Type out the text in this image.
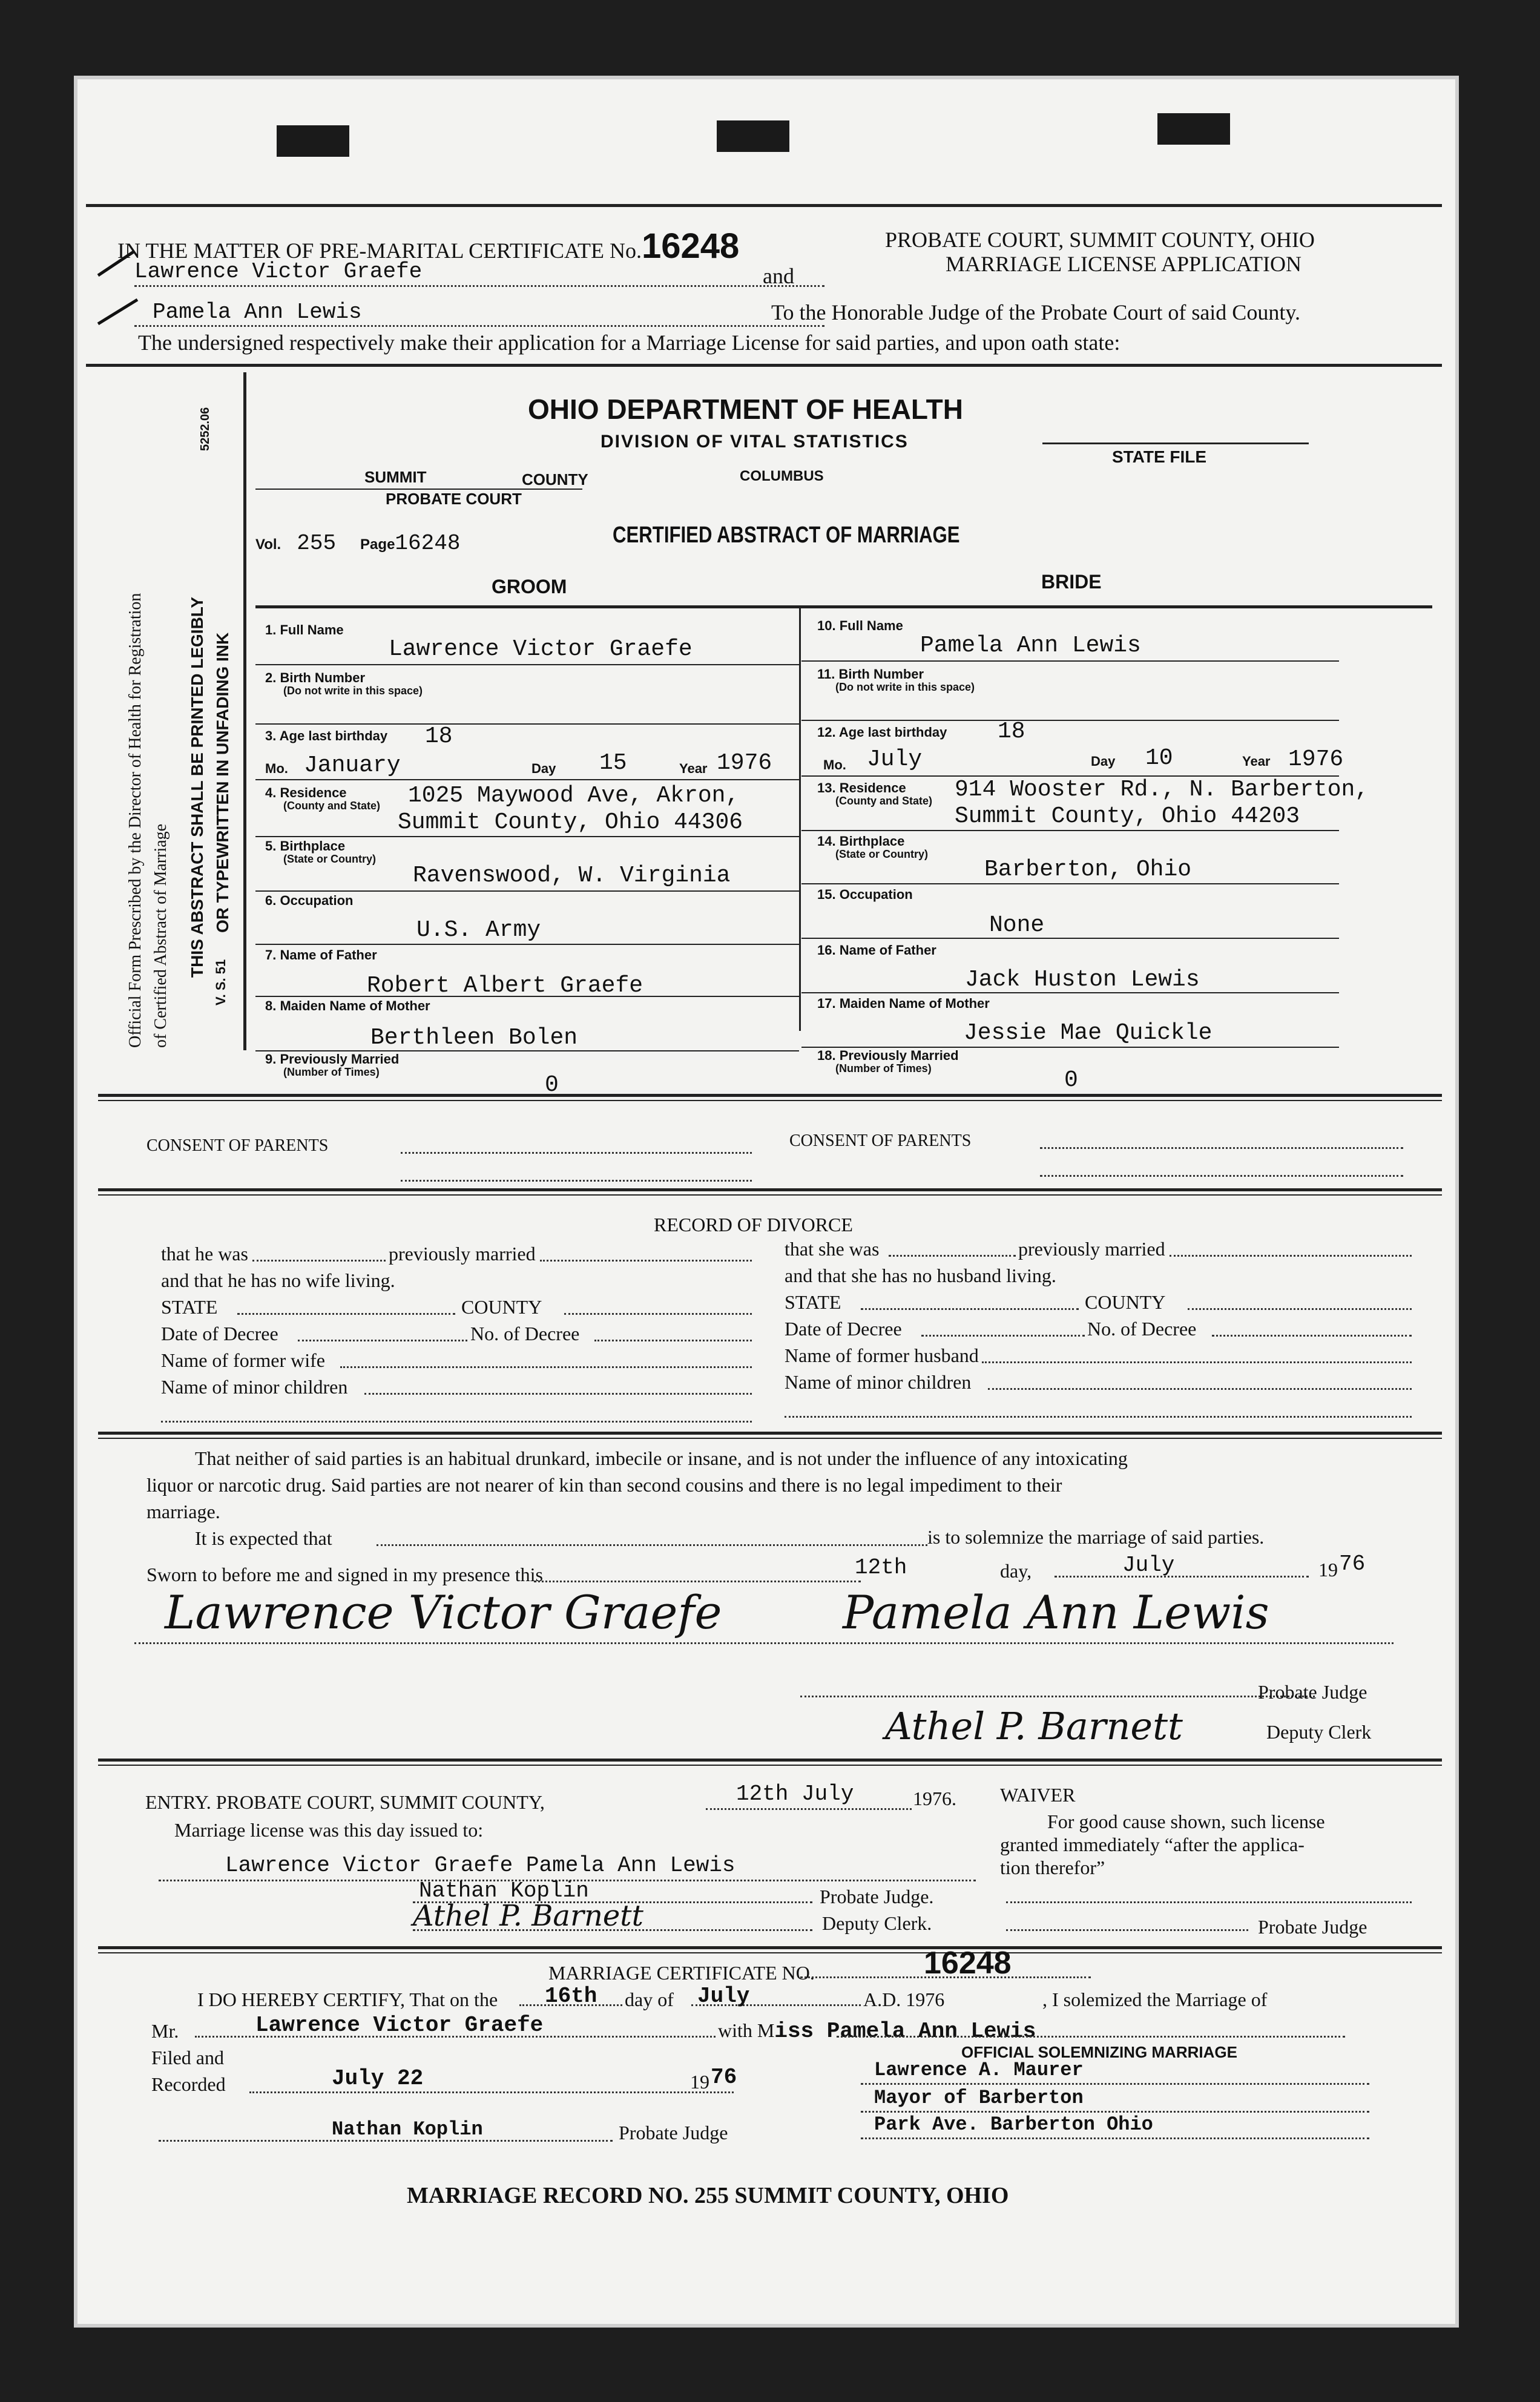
IN THE MATTER OF PRE-MARITAL CERTIFICATE No.16248	PROBATE COURT, SUMMIT COUNTY, OHIO
Lawrence Victor Graefe	and	MARRIAGE LICENSE APPLICATION
Pamela Ann Lewis	To the Honorable Judge of the Probate Court of said County.
The undersigned respectively make their application for a Marriage License for said parties, and upon oath state:
Official Form Prescribed by the Director of Health for Registration of Certified Abstract of Marriage THIS ABSTRACT SHALL BE PRINTED LEGIBLY OR TYPEWRITTEN IN UNFADING INK
V. S. 51
5252.06	OHIO DEPARTMENT OF HEALTH
DIVISION OF VITAL STATISTICS
STATE FILE
SUMMIT	COUNTY	COLUMBUS
PROBATE COURT
Vol. 255 Page16248	CERTIFIED ABSTRACT OF MARRIAGE
GROOM	BRIDE
1. Full Name
Lawrence Victor Graefe
2. Birth Number
(Do not write in this space)
3. Age last birthday 18
Mo. January	Day 15	Year 1976
4. Residence
(County and State) 1025 Maywood Ave, Akron,
Summit County, Ohio 44306
5. Birthplace
(State or Country)
Ravenswood, W. Virginia
6. Occupation
U.S. Army
7. Name of Father
Robert Albert Graefe
8. Maiden Name of Mother
Berthleen Bolen
9. Previously Married
(Number of Times)	0
10. Full Name
Pamela Ann Lewis
11. Birth Number
(Do not write in this space)
12. Age last birthday 18
Mo. July	Day 10	Year 1976
13. Residence
(County and State) 914 Wooster Rd., N. Barberton,
Summit County, Ohio 44203
14. Birthplace
(State or Country)
Barberton, Ohio
15. Occupation
None
16. Name of Father
Jack Huston Lewis
17. Maiden Name of Mother
Jessie Mae Quickle
18. Previously Married
(Number of Times)	0
CONSENT OF PARENTS	CONSENT OF PARENTS
RECORD OF DIVORCE
that he was	previously married
and that he has no wife living.
STATE	COUNTY
Date of Decree	No. of Decree
Name of former wife
Name of minor children
that she was	previously married
and that she has no husband living.
STATE	COUNTY
Date of Decree	No. of Decree
Name of former husband
Name of minor children
That neither of said parties is an habitual drunkard, imbecile or insane, and is not under the influence of any intoxicating
liquor or narcotic drug. Said parties are not nearer of kin than second cousins and there is no legal impediment to their
marriage.
It is expected that	is to solemnize the marriage of said parties.
Sworn to before me and signed in my presence this	12th	day,	July	19 76
Lawrence Victor Graefe	Pamela Ann Lewis
Probate Judge
Athel P. Barnett	Deputy Clerk
ENTRY. PROBATE COURT, SUMMIT COUNTY,	12th July	1976.
Marriage license was this day issued to:
Lawrence Victor Graefe Pamela Ann Lewis
Nathan Koplin	Probate Judge.
Athel P. Barnett	Deputy Clerk.
WAIVER
For good cause shown, such license
granted immediately “after the applica-
tion therefor”
Probate Judge
MARRIAGE CERTIFICATE NO.	16248
I DO HEREBY CERTIFY, That on the 16th day of July	A.D. 1976	, I solemized the Marriage of
Mr.	Lawrence Victor Graefe	with Miss Pamela Ann Lewis
OFFICIAL SOLEMNIZING MARRIAGE
Filed and
Recorded	July 22	19 76	Lawrence A. Maurer
Mayor of Barberton
Park Ave. Barberton Ohio
Nathan Koplin	Probate Judge
MARRIAGE RECORD NO. 255 SUMMIT COUNTY, OHIO
